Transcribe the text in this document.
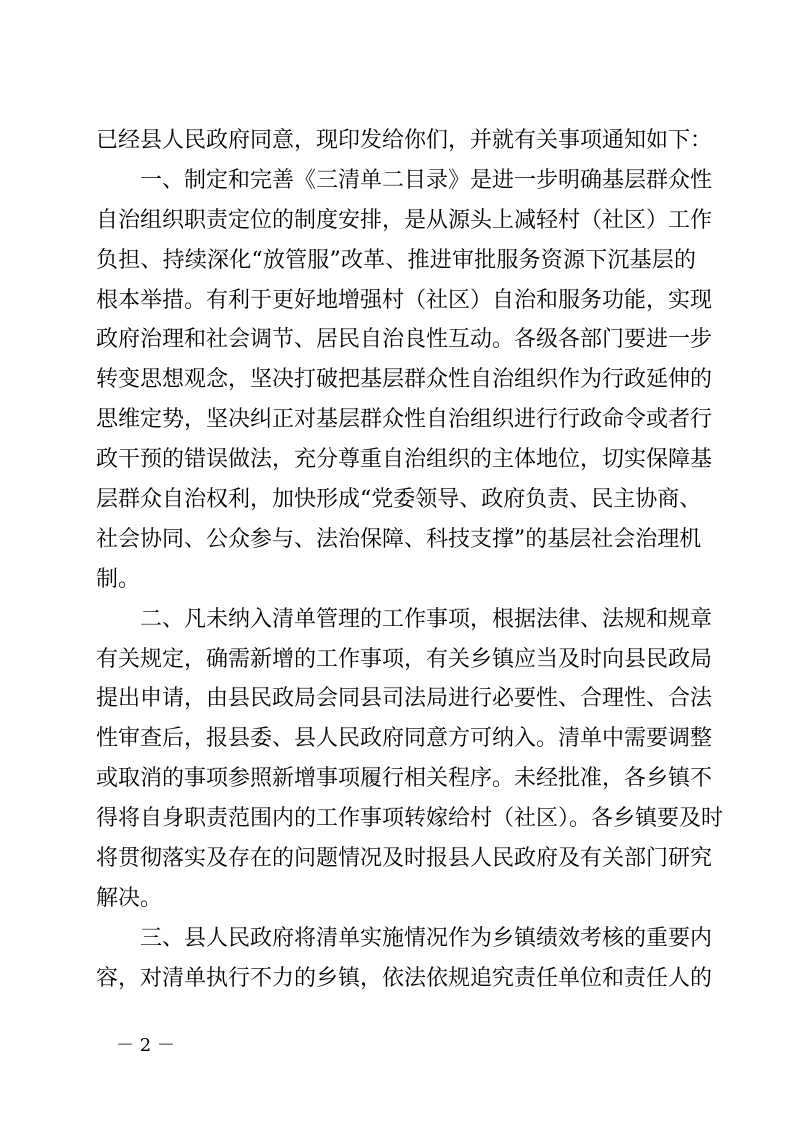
已经县人民政府同意，现印发给你们，并就有关事项通知如下：
一、制定和完善《三清单二目录》是进一步明确基层群众性
自治组织职责定位的制度安排，是从源头上减轻村（社区）工作
负担、持续深化“放管服”改革、推进审批服务资源下沉基层的
根本举措。有利于更好地增强村（社区）自治和服务功能，实现
政府治理和社会调节、居民自治良性互动。各级各部门要进一步
转变思想观念，坚决打破把基层群众性自治组织作为行政延伸的
思维定势，坚决纠正对基层群众性自治组织进行行政命令或者行
政干预的错误做法，充分尊重自治组织的主体地位，切实保障基
层群众自治权利，加快形成“党委领导、政府负责、民主协商、
社会协同、公众参与、法治保障、科技支撑”的基层社会治理机
制。
二、凡未纳入清单管理的工作事项，根据法律、法规和规章
有关规定，确需新增的工作事项，有关乡镇应当及时向县民政局
提出申请，由县民政局会同县司法局进行必要性、合理性、合法
性审查后，报县委、县人民政府同意方可纳入。清单中需要调整
或取消的事项参照新增事项履行相关程序。未经批准，各乡镇不
得将自身职责范围内的工作事项转嫁给村（社区）。各乡镇要及时
将贯彻落实及存在的问题情况及时报县人民政府及有关部门研究
解决。
三、县人民政府将清单实施情况作为乡镇绩效考核的重要内
容，对清单执行不力的乡镇，依法依规追究责任单位和责任人的
－ 2 －
